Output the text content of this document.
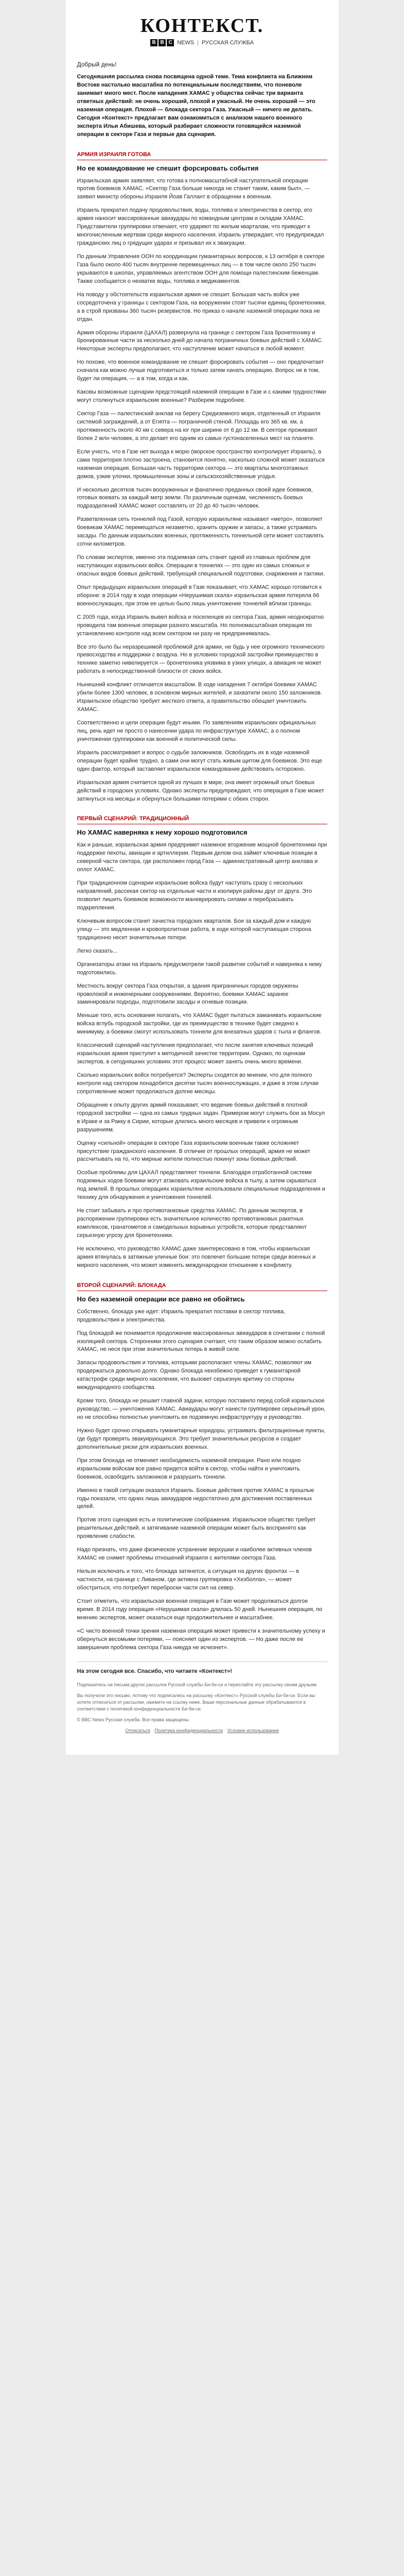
КОНТЕКСТ.
B B C NEWS | РУССКАЯ СЛУЖБА
Добрый день!

Сегодняшняя рассылка снова посвящена одной теме. Тема конфликта на Ближнем Востоке настолько масштабна по потенциальным последствиям, что поневоле занимает много мест. После нападения ХАМАС у общества сейчас три варианта ответных действий: не очень хороший, плохой и ужасный. Не очень хороший — это наземная операция. Плохой — блокада сектора Газа. Ужасный — ничего не делать. Сегодня «Контекст» предлагает вам ознакомиться с анализом нашего военного эксперта Ильи Абишева, который разбирает сложности готовящейся наземной операции в секторе Газа и первые два сценария.

АРМИЯ ИЗРАИЛЯ ГОТОВА
Но ее командование не спешит форсировать события

Израильская армия заявляет, что готова к полномасштабной наступательной операции против боевиков ХАМАС. «Сектор Газа больше никогда не станет таким, каким был», — заявил министр обороны Израиля Йоав Галлант в обращении к военным.

Израиль прекратил подачу продовольствия, воды, топлива и электричества в сектор, его армия наносит массированные авиаудары по командным центрам и складам ХАМАС. Представители группировки отвечают, что ударяют по жилым кварталам, что приводит к многочисленным жертвам среди мирного населения. Израиль утверждает, что предупреждал гражданских лиц о грядущих ударах и призывал их к эвакуации.

По данным Управления ООН по координации гуманитарных вопросов, к 13 октября в секторе Газа было около 400 тысяч внутренне перемещенных лиц — в том числе около 250 тысяч укрываются в школах, управляемых агентством ООН для помощи палестинским беженцам. Также сообщается о нехватке воды, топлива и медикаментов.

На поводу у обстоятельств израильская армия не спешит. Большая часть войск уже сосредоточена у границы с сектором Газа, на вооружении стоят тысячи единиц бронетехники, а в строй призваны 360 тысяч резервистов. Но приказ о начале наземной операции пока не отдан.

Армия обороны Израиля (ЦАХАЛ) развернула на границе с сектором Газа бронетехнику и бронированные части за несколько дней до начала пограничных боевых действий с ХАМАС. Некоторые эксперты предполагают, что наступление может начаться в любой момент.

Но похоже, что военное командование не спешит форсировать события — оно предпочитает сначала как можно лучше подготовиться и только затем начать операцию. Вопрос не в том, будет ли операция, — а в том, когда и как.

Каковы возможные сценарии предстоящей наземной операции в Газе и с какими трудностями могут столкнуться израильские военные? Разберем подробнее.

Сектор Газа — палестинский анклав на берегу Средиземного моря, отделенный от Израиля системой заграждений, а от Египта — пограничной стеной. Площадь его 365 кв. км, а протяженность около 40 км с севера на юг при ширине от 6 до 12 км. В секторе проживают более 2 млн человек, а это делает его одним из самых густонаселенных мест на планете.

Если учесть, что в Газе нет выхода к морю (морское пространство контролирует Израиль), а сама территория плотно застроена, становится понятно, насколько сложной может оказаться наземная операция. Большая часть территории сектора — это кварталы многоэтажных домов, узкие улочки, промышленные зоны и сельскохозяйственные угодья.

И несколько десятков тысяч вооруженных и фанатично преданных своей идее боевиков, готовых воевать за каждый метр земли. По различным оценкам, численность боевых подразделений ХАМАС может составлять от 20 до 40 тысяч человек.

Разветвленная сеть тоннелей под Газой, которую израильтяне называют «метро», позволяет боевикам ХАМАС перемещаться незаметно, хранить оружие и запасы, а также устраивать засады. По данным израильских военных, протяженность тоннельной сети может составлять сотни километров.

По словам экспертов, именно эта подземная сеть станет одной из главных проблем для наступающих израильских войск. Операции в тоннелях — это один из самых сложных и опасных видов боевых действий, требующий специальной подготовки, снаряжения и тактики.

Опыт предыдущих израильских операций в Газе показывает, что ХАМАС хорошо готовится к обороне: в 2014 году в ходе операции «Нерушимая скала» израильская армия потеряла 66 военнослужащих, при этом ее целью было лишь уничтожение тоннелей вблизи границы.

С 2005 года, когда Израиль вывел войска и поселенцев из сектора Газа, армия неоднократно проводила там военные операции разного масштаба. Но полномасштабная операция по установлению контроля над всем сектором ни разу не предпринималась.

Все это было бы неразрешимой проблемой для армии, не будь у нее огромного технического превосходства и поддержки с воздуха. Но в условиях городской застройки преимущество в технике заметно нивелируется — бронетехника уязвима в узких улицах, а авиация не может работать в непосредственной близости от своих войск.

Нынешний конфликт отличается масштабом. В ходе нападения 7 октября боевики ХАМАС убили более 1300 человек, в основном мирных жителей, и захватили около 150 заложников. Израильское общество требует жесткого ответа, а правительство обещает уничтожить ХАМАС.

Соответственно и цели операции будут иными. По заявлениям израильских официальных лиц, речь идет не просто о нанесении удара по инфраструктуре ХАМАС, а о полном уничтожении группировки как военной и политической силы.

Израиль рассматривает и вопрос о судьбе заложников. Освободить их в ходе наземной операции будет крайне трудно, а сами они могут стать живым щитом для боевиков. Это еще один фактор, который заставляет израильское командование действовать осторожно.

Израильская армия считается одной из лучших в мире, она имеет огромный опыт боевых действий в городских условиях. Однако эксперты предупреждают, что операция в Газе может затянуться на месяцы и обернуться большими потерями с обеих сторон.

ПЕРВЫЙ СЦЕНАРИЙ: ТРАДИЦИОННЫЙ
Но ХАМАС наверняка к нему хорошо подготовился

Как и раньше, израильская армия предпримет наземное вторжение мощной бронетехники при поддержке пехоты, авиации и артиллерии. Первым делом она займет ключевые позиции в северной части сектора, где расположен город Газа — административный центр анклава и оплот ХАМАС.

При традиционном сценарии израильские войска будут наступать сразу с нескольких направлений, рассекая сектор на отдельные части и изолируя районы друг от друга. Это позволит лишить боевиков возможности маневрировать силами и перебрасывать подкрепления.

Ключевым вопросом станет зачистка городских кварталов. Бои за каждый дом и каждую улицу — это медленная и кровопролитная работа, в ходе которой наступающая сторона традиционно несет значительные потери.

Легко сказать...

Организаторы атаки на Израиль предусмотрели такой развитие событий и наверняка к нему подготовились.

Местность вокруг сектора Газа открытая, а здания приграничных городов окружены проволокой и инженерными сооружениями. Вероятно, боевики ХАМАС заранее заминировали подходы, подготовили засады и огневые позиции.

Меньше того, есть основания полагать, что ХАМАС будет пытаться заманивать израильские войска вглубь городской застройки, где их преимущество в технике будет сведено к минимуму, а боевики смогут использовать тоннели для внезапных ударов с тыла и флангов.

Классический сценарий наступления предполагает, что после занятия ключевых позиций израильская армия приступит к методичной зачистке территории. Однако, по оценкам экспертов, в сегодняшних условиях этот процесс может занять очень много времени.

Сколько израильских войск потребуется? Эксперты сходятся во мнении, что для полного контроля над сектором понадобятся десятки тысяч военнослужащих, и даже в этом случае сопротивление может продолжаться долгие месяцы.

Обращение к опыту других армий показывает, что ведение боевых действий в плотной городской застройке — одна из самых трудных задач. Примером могут служить бои за Мосул в Ираке и за Ракку в Сирии, которые длились много месяцев и привели к огромным разрушениям.

Оценку «сильной» операции в секторе Газа израильским военным также осложняет присутствие гражданского населения. В отличие от прошлых операций, армия не может рассчитывать на то, что мирные жители полностью покинут зоны боевых действий.

Особые проблемы для ЦАХАЛ представляют тоннели. Благодаря отработанной системе подземных ходов боевики могут атаковать израильские войска в тылу, а затем скрываться под землей. В прошлых операциях израильтяне использовали специальные подразделения и технику для обнаружения и уничтожения тоннелей.

Не стоит забывать и про противотанковые средства ХАМАС. По данным экспертов, в распоряжении группировки есть значительное количество противотанковых ракетных комплексов, гранатометов и самодельных взрывных устройств, которые представляют серьезную угрозу для бронетехники.

Не исключено, что руководство ХАМАС даже заинтересовано в том, чтобы израильская армия втянулась в затяжные уличные бои: это повлечет большие потери среди военных и мирного населения, что может изменить международное отношение к конфликту.

ВТОРОЙ СЦЕНАРИЙ: БЛОКАДА
Но без наземной операции все равно не обойтись

Собственно, блокада уже идет: Израиль прекратил поставки в сектор топлива, продовольствия и электричества.

Под блокадой же понимается продолжение массированных авиаударов в сочетании с полной изоляцией сектора. Сторонники этого сценария считают, что таким образом можно ослабить ХАМАС, не неся при этом значительных потерь в живой силе.

Запасы продовольствия и топлива, которыми располагают члены ХАМАС, позволяют им продержаться довольно долго. Однако блокада неизбежно приведет к гуманитарной катастрофе среди мирного населения, что вызовет серьезную критику со стороны международного сообщества.

Кроме того, блокада не решает главной задачи, которую поставило перед собой израильское руководство, — уничтожения ХАМАС. Авиаудары могут нанести группировке серьезный урон, но не способны полностью уничтожить ее подземную инфраструктуру и руководство.

Нужно будет срочно открывать гуманитарные коридоры, устраивать фильтрационные пункты, где будут проверять эвакуирующихся. Это требует значительных ресурсов и создает дополнительные риски для израильских военных.

При этом блокада не отменяет необходимость наземной операции. Рано или поздно израильским войскам все равно придется войти в сектор, чтобы найти и уничтожить боевиков, освободить заложников и разрушить тоннели.

Именно в такой ситуации оказался Израиль. Боевые действия против ХАМАС в прошлые годы показали, что одних лишь авиаударов недостаточно для достижения поставленных целей.

Против этого сценария есть и политические соображения. Израильское общество требует решительных действий, и затягивание наземной операции может быть воспринято как проявление слабости.

Надо признать, что даже физическое устранение верхушки и наиболее активных членов ХАМАС не снимет проблемы отношений Израиля с жителями сектора Газа.

Нельзя исключать и того, что блокада затянется, а ситуация на других фронтах — в частности, на границе с Ливаном, где активна группировка «Хезболла», — может обостриться, что потребует переброски части сил на север.

Стоит отметить, что израильская военная операция в Газе может продолжаться долгое время. В 2014 году операция «Нерушимая скала» длилась 50 дней. Нынешняя операция, по мнению экспертов, может оказаться еще продолжительнее и масштабнее.

«С чисто военной точки зрения наземная операция может привести к значительному успеху и обернуться весомыми потерями, — поясняет один из экспертов. — Но даже после ее завершения проблема сектора Газа никуда не исчезнет».

На этом сегодня все. Спасибо, что читаете «Контекст»!

Подпишитесь на письма других рассылок Русской службы Би-би-си и переслайте эту рассылку своим друзьям.

Вы получили это письмо, потому что подписались на рассылку «Контекст» Русской службы Би-би-си. Если вы хотите отписаться от рассылки, нажмите на ссылку ниже. Ваши персональные данные обрабатываются в соответствии с политикой конфиденциальности Би-би-си.

© BBC News Русская служба. Все права защищены.

Отписаться Политика конфиденциальности Условия использования
